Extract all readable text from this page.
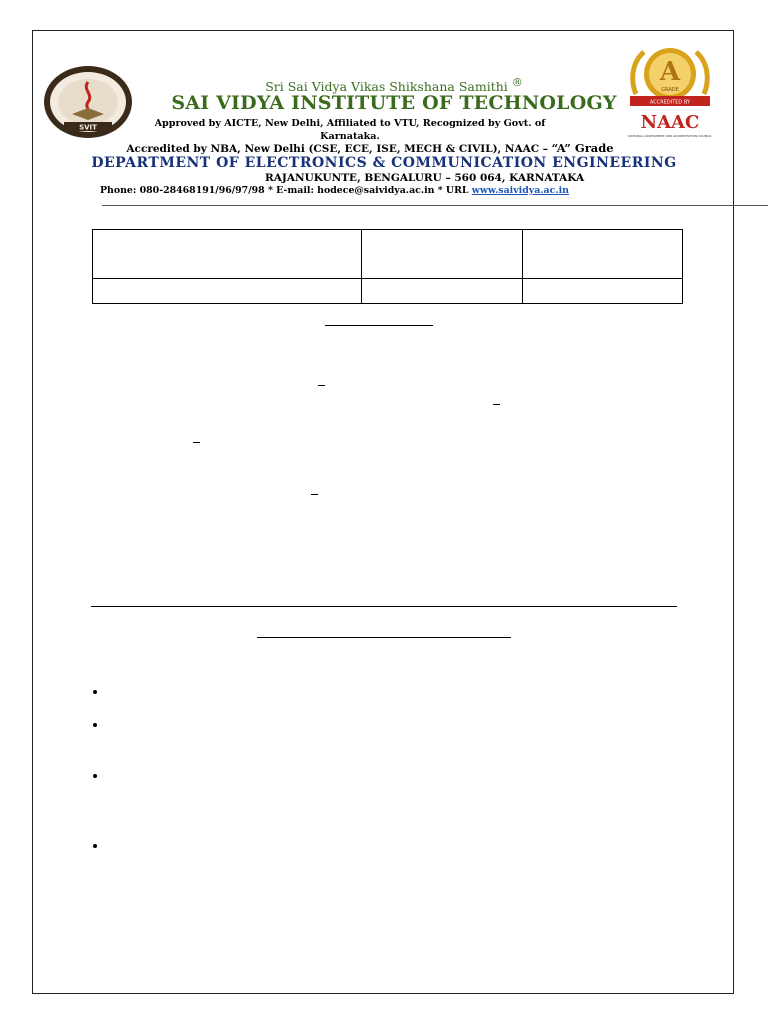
SVIT
A
GRADE
ACCREDITED BY
NAAC
NATIONAL ASSESSMENT AND ACCREDITATION COUNCIL
Sri Sai Vidya Vikas Shikshana Samithi ®
SAI VIDYA INSTITUTE OF TECHNOLOGY
Approved by AICTE, New Delhi, Affiliated to VTU, Recognized by Govt. of
Karnataka.
Accredited by NBA, New Delhi (CSE, ECE, ISE, MECH & CIVIL), NAAC – “A” Grade
DEPARTMENT OF ELECTRONICS & COMMUNICATION ENGINEERING
RAJANUKUNTE, BENGALURU – 560 064, KARNATAKA
Phone: 080-28468191/96/97/98 * E-mail: hodece@saividya.ac.in * URL www.saividya.ac.in
